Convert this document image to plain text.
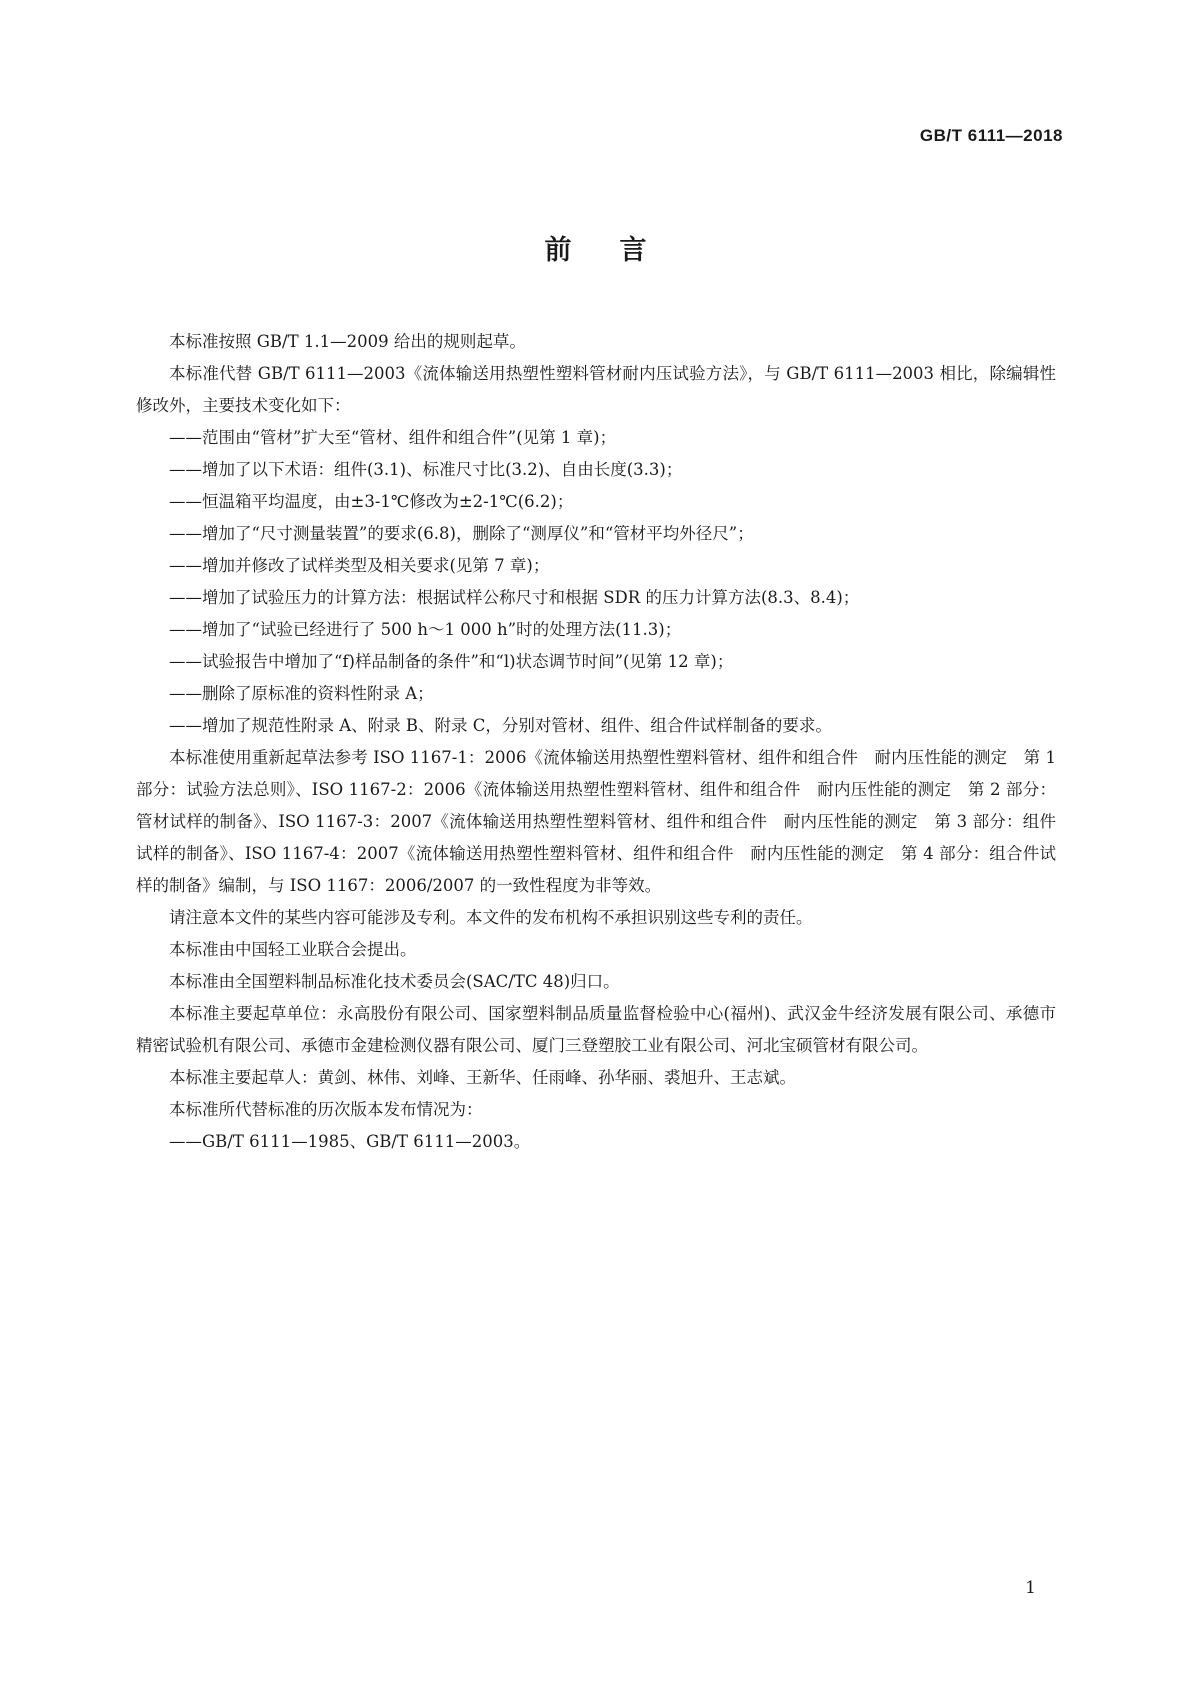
GB/T 6111—2018
前言

本标准按照 GB/T 1.1—2009 给出的规则起草。

本标准代替 GB/T 6111—2003《流体输送用热塑性塑料管材耐内压试验方法》，与 GB/T 6111—2003 相比，除编辑性修改外，主要技术变化如下：

——范围由“管材”扩大至“管材、组件和组合件”(见第 1 章)；

——增加了以下术语：组件(3.1)、标准尺寸比(3.2)、自由长度(3.3)；

——恒温箱平均温度，由±3-1℃修改为±2-1℃(6.2)；

——增加了“尺寸测量装置”的要求(6.8)，删除了“测厚仪”和“管材平均外径尺”；

——增加并修改了试样类型及相关要求(见第 7 章)；

——增加了试验压力的计算方法：根据试样公称尺寸和根据 SDR 的压力计算方法(8.3、8.4)；

——增加了“试验已经进行了 500 h～1 000 h”时的处理方法(11.3)；

——试验报告中增加了“f)样品制备的条件”和“l)状态调节时间”(见第 12 章)；

——删除了原标准的资料性附录 A；

——增加了规范性附录 A、附录 B、附录 C，分别对管材、组件、组合件试样制备的要求。

本标准使用重新起草法参考 ISO 1167-1：2006《流体输送用热塑性塑料管材、组件和组合件　耐内压性能的测定　第 1 部分：试验方法总则》、ISO 1167-2：2006《流体输送用热塑性塑料管材、组件和组合件　耐内压性能的测定　第 2 部分：管材试样的制备》、ISO 1167-3：2007《流体输送用热塑性塑料管材、组件和组合件　耐内压性能的测定　第 3 部分：组件试样的制备》、ISO 1167-4：2007《流体输送用热塑性塑料管材、组件和组合件　耐内压性能的测定　第 4 部分：组合件试样的制备》编制，与 ISO 1167：2006/2007 的一致性程度为非等效。

请注意本文件的某些内容可能涉及专利。本文件的发布机构不承担识别这些专利的责任。

本标准由中国轻工业联合会提出。

本标准由全国塑料制品标准化技术委员会(SAC/TC 48)归口。

本标准主要起草单位：永高股份有限公司、国家塑料制品质量监督检验中心(福州)、武汉金牛经济发展有限公司、承德市精密试验机有限公司、承德市金建检测仪器有限公司、厦门三登塑胶工业有限公司、河北宝硕管材有限公司。

本标准主要起草人：黄剑、林伟、刘峰、王新华、任雨峰、孙华丽、裘旭升、王志斌。

本标准所代替标准的历次版本发布情况为：

——GB/T 6111—1985、GB/T 6111—2003。

1
